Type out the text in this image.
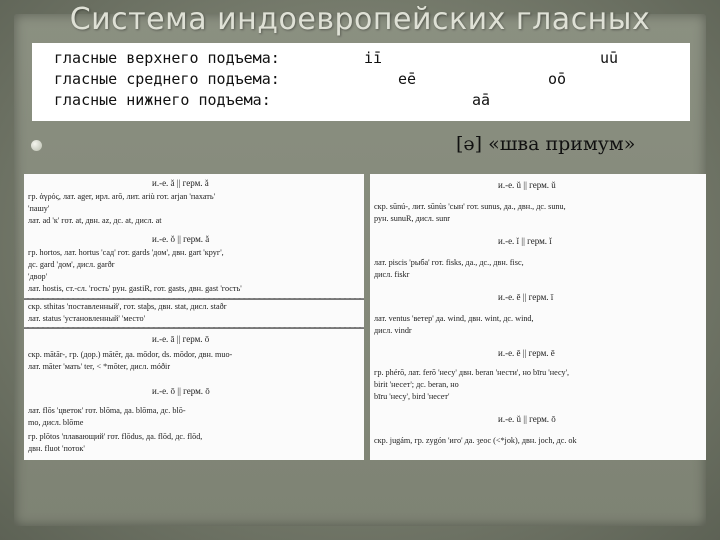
Система индоевропейских гласных
гласные верхнего подъема:	iī	uū
гласные среднего подъема:	eē	oō
гласные нижнего подъема:	aā
[ə] «шва примум»
и.-е. ă || герм. ă
гр. ἀγρός, лат. ager, ирл. arō, лит. ariù гот. arjan 'пахать'
'пашу'
лат. ad 'к' гот. at, двн. az, дс. at, дисл. at
и.-е. ŏ || герм. ă
гр. hortos, лат. hortus 'сад' гот. gards 'дом', двн. gart 'круг',
дс. gard 'дом', дисл. garðr
'двор'
лат. hostis, ст.-сл. 'гость' рун. gastiR, гот. gasts, двн. gast 'гость'
скр. sthitas 'поставленный', гот. staþs, двн. stat, дисл. staðr
лат. status 'установленный' 'место'
и.-е. ā || герм. ō
скр. mātār-, гр. (дор.) mātēr, да. mōdor, ds. mōdor, двн. muo-
лат. māter 'мать' ter, < *mōter, дисл. móðir
и.-е. ō || герм. ō
лат. flōs 'цветок' гот. blōma, да. blōma, дс. blō-
mo, дисл. blōme
гр. plōtos 'плавающий' гот. flōdus, да. flōd, дс. flōd,
двн. fluot 'поток'
и.-е. ŭ || герм. ŭ
скр. sūnú-, лит. sūnùs 'сын' гот. sunus, да., двн., дс. sunu,
рун. sunuR, дисл. sunr
и.-е. ĭ || герм. ĭ
лат. piscis 'рыба' гот. fisks, да., дс., двн. fisc,
дисл. fiskr
и.-е. ē || герм. ī
лат. ventus 'ветер' да. wind, двн. wint, дс. wind,
дисл. vindr
и.-е. ē || герм. ē
гр. phérō, лат. ferō 'несу' двн. beran 'нести', но bīru 'несу',
birit 'несет'; дс. beran, но
bīru 'несу', bird 'несет'
и.-е. ŭ || герм. ō
скр. jugám, гр. zygón 'иго' да. ȝeoc (<*jok), двн. joch, дс. ok
